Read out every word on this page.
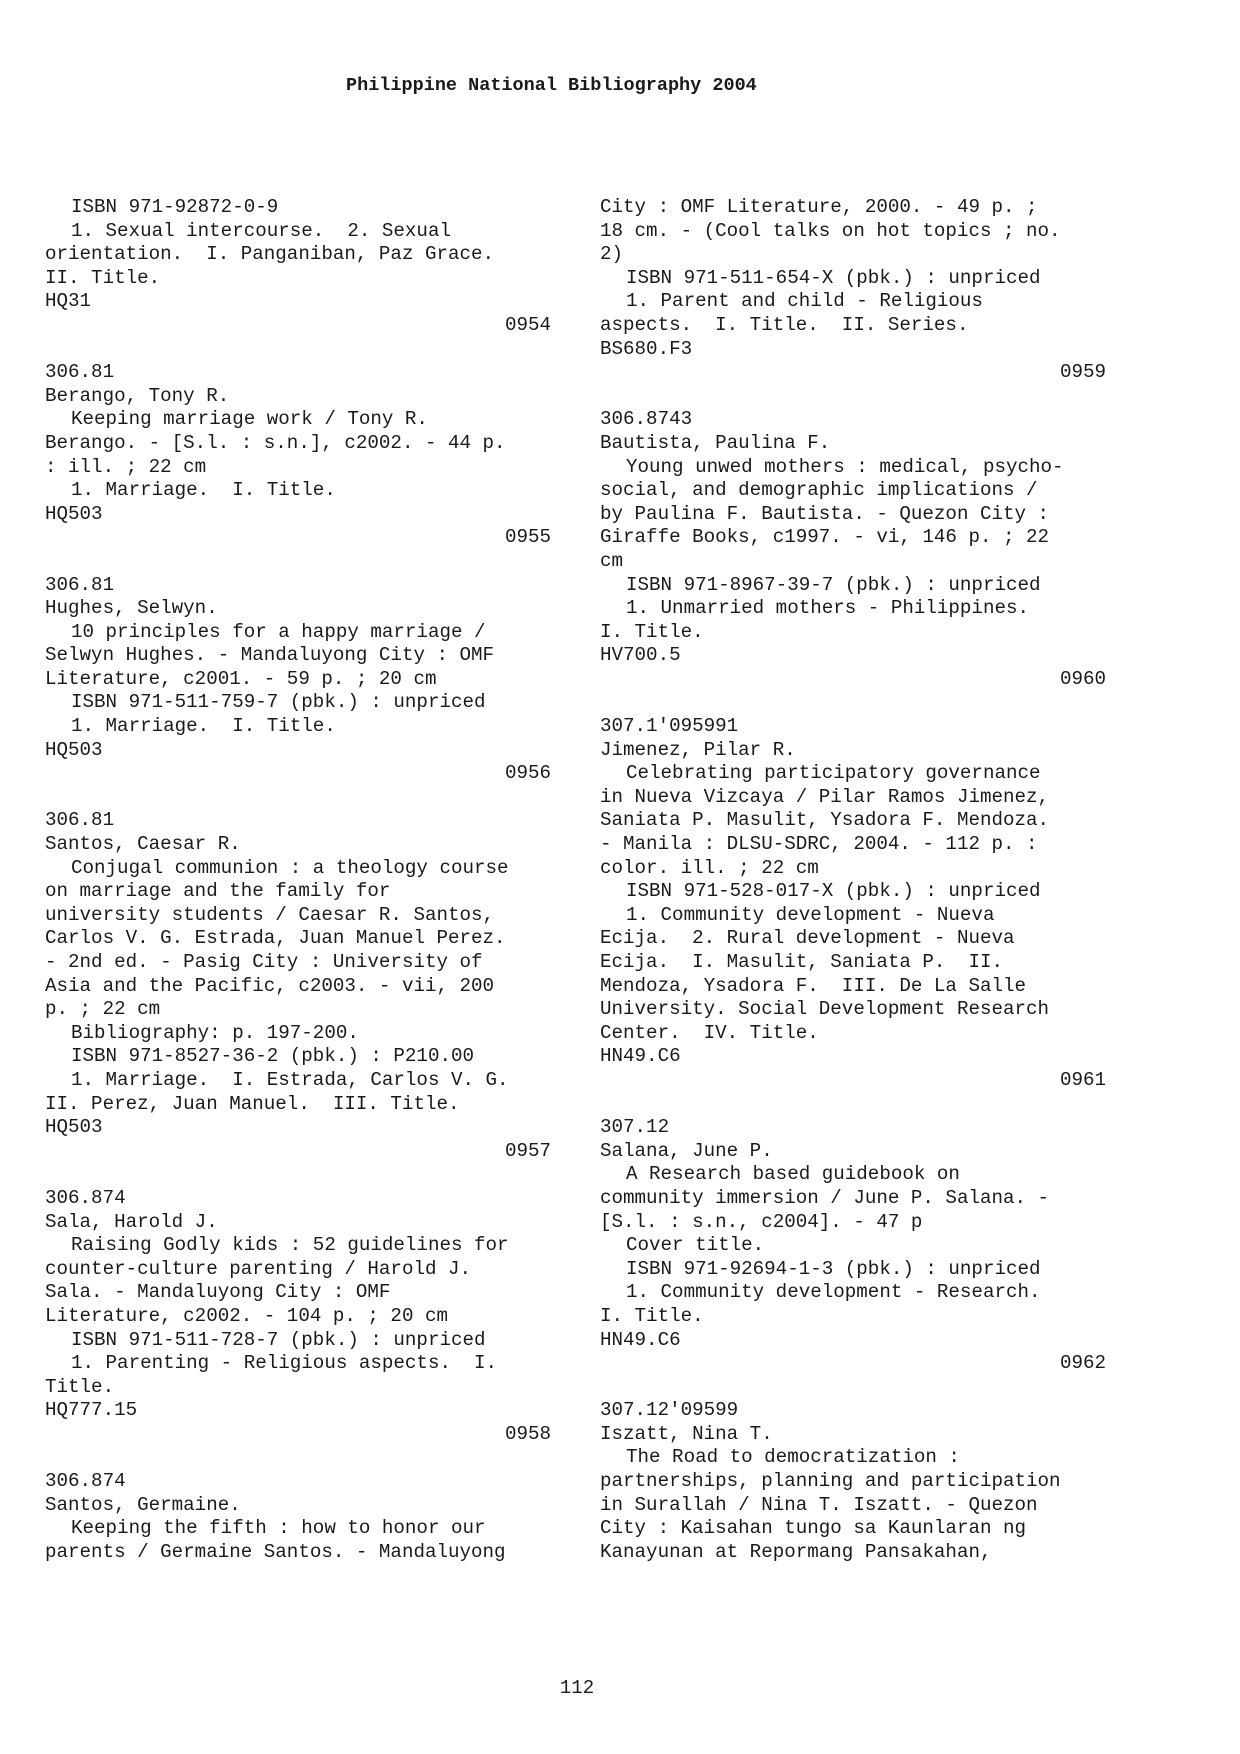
Philippine National Bibliography 2004
ISBN 971-92872-0-9
1. Sexual intercourse.  2. Sexual
orientation.  I. Panganiban, Paz Grace.
II. Title.
HQ31
0954
306.81
Berango, Tony R.
Keeping marriage work / Tony R.
Berango. - [S.l. : s.n.], c2002. - 44 p.
: ill. ; 22 cm
1. Marriage.  I. Title.
HQ503
0955
306.81
Hughes, Selwyn.
10 principles for a happy marriage /
Selwyn Hughes. - Mandaluyong City : OMF
Literature, c2001. - 59 p. ; 20 cm
ISBN 971-511-759-7 (pbk.) : unpriced
1. Marriage.  I. Title.
HQ503
0956
306.81
Santos, Caesar R.
Conjugal communion : a theology course
on marriage and the family for
university students / Caesar R. Santos,
Carlos V. G. Estrada, Juan Manuel Perez.
- 2nd ed. - Pasig City : University of
Asia and the Pacific, c2003. - vii, 200
p. ; 22 cm
Bibliography: p. 197-200.
ISBN 971-8527-36-2 (pbk.) : P210.00
1. Marriage.  I. Estrada, Carlos V. G.
II. Perez, Juan Manuel.  III. Title.
HQ503
0957
306.874
Sala, Harold J.
Raising Godly kids : 52 guidelines for
counter-culture parenting / Harold J.
Sala. - Mandaluyong City : OMF
Literature, c2002. - 104 p. ; 20 cm
ISBN 971-511-728-7 (pbk.) : unpriced
1. Parenting - Religious aspects.  I.
Title.
HQ777.15
0958
306.874
Santos, Germaine.
Keeping the fifth : how to honor our
parents / Germaine Santos. - Mandaluyong
City : OMF Literature, 2000. - 49 p. ;
18 cm. - (Cool talks on hot topics ; no.
2)
ISBN 971-511-654-X (pbk.) : unpriced
1. Parent and child - Religious
aspects.  I. Title.  II. Series.
BS680.F3
0959
306.8743
Bautista, Paulina F.
Young unwed mothers : medical, psycho-
social, and demographic implications /
by Paulina F. Bautista. - Quezon City :
Giraffe Books, c1997. - vi, 146 p. ; 22
cm
ISBN 971-8967-39-7 (pbk.) : unpriced
1. Unmarried mothers - Philippines.
I. Title.
HV700.5
0960
307.1'095991
Jimenez, Pilar R.
Celebrating participatory governance
in Nueva Vizcaya / Pilar Ramos Jimenez,
Saniata P. Masulit, Ysadora F. Mendoza.
- Manila : DLSU-SDRC, 2004. - 112 p. :
color. ill. ; 22 cm
ISBN 971-528-017-X (pbk.) : unpriced
1. Community development - Nueva
Ecija.  2. Rural development - Nueva
Ecija.  I. Masulit, Saniata P.  II.
Mendoza, Ysadora F.  III. De La Salle
University. Social Development Research
Center.  IV. Title.
HN49.C6
0961
307.12
Salana, June P.
A Research based guidebook on
community immersion / June P. Salana. -
[S.l. : s.n., c2004]. - 47 p
Cover title.
ISBN 971-92694-1-3 (pbk.) : unpriced
1. Community development - Research.
I. Title.
HN49.C6
0962
307.12'09599
Iszatt, Nina T.
The Road to democratization :
partnerships, planning and participation
in Surallah / Nina T. Iszatt. - Quezon
City : Kaisahan tungo sa Kaunlaran ng
Kanayunan at Repormang Pansakahan,
112
